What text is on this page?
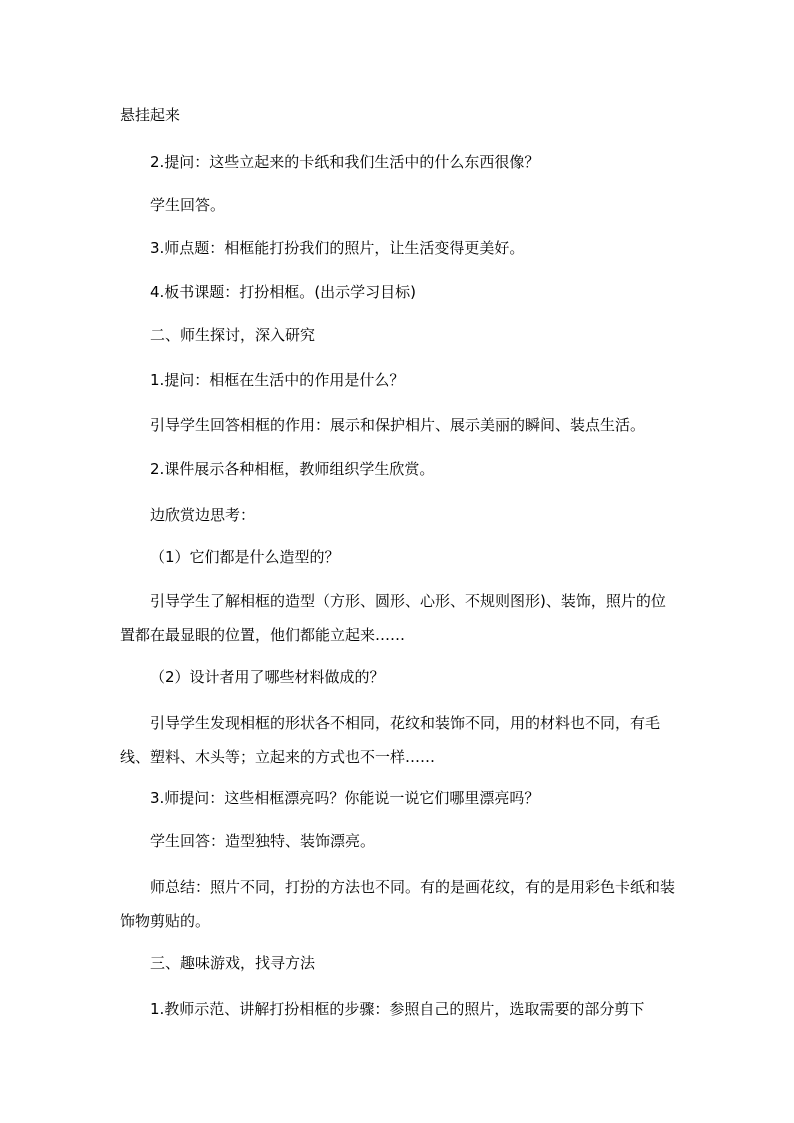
悬挂起来

2.提问：这些立起来的卡纸和我们生活中的什么东西很像？

学生回答。

3.师点题：相框能打扮我们的照片，让生活变得更美好。

4.板书课题：打扮相框。(出示学习目标)

二、师生探讨，深入研究

1.提问：相框在生活中的作用是什么？

引导学生回答相框的作用：展示和保护相片、展示美丽的瞬间、装点生活。

2.课件展示各种相框，教师组织学生欣赏。

边欣赏边思考：

（1）它们都是什么造型的？

引导学生了解相框的造型（方形、圆形、心形、不规则图形)、装饰，照片的位置都在最显眼的位置，他们都能立起来……

（2）设计者用了哪些材料做成的？

引导学生发现相框的形状各不相同，花纹和装饰不同，用的材料也不同，有毛线、塑料、木头等；立起来的方式也不一样……

3.师提问：这些相框漂亮吗？你能说一说它们哪里漂亮吗？

学生回答：造型独特、装饰漂亮。

师总结：照片不同，打扮的方法也不同。有的是画花纹，有的是用彩色卡纸和装饰物剪贴的。

三、趣味游戏，找寻方法

1.教师示范、讲解打扮相框的步骤：参照自己的照片，选取需要的部分剪下
